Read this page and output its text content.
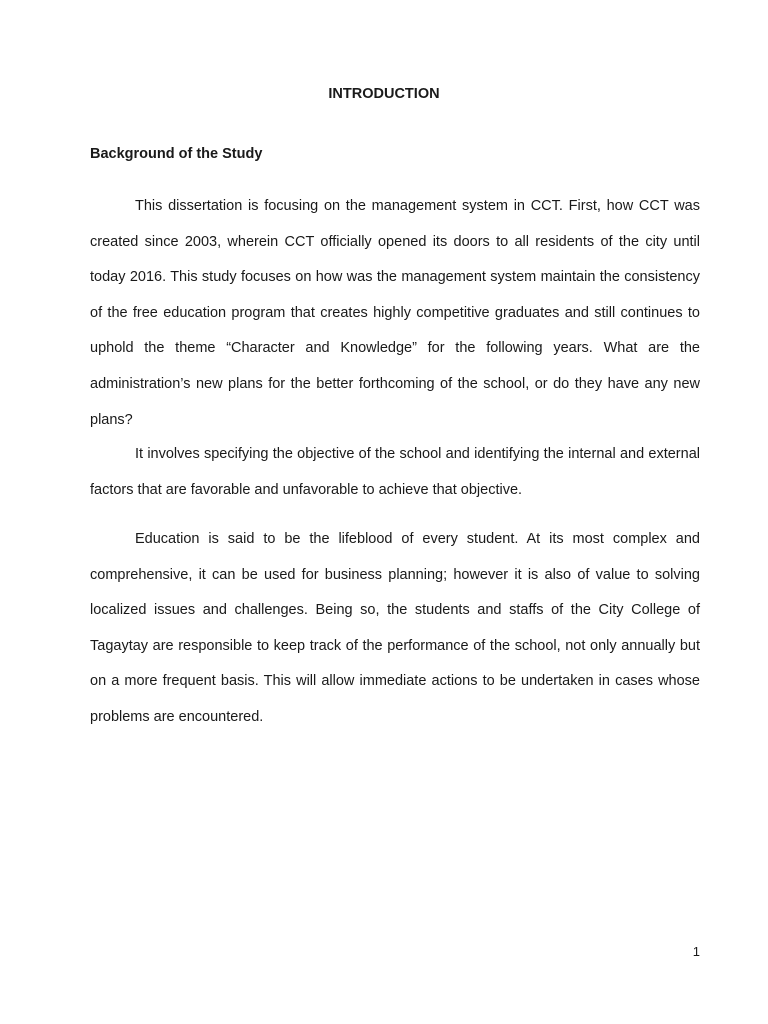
INTRODUCTION
Background of the Study

This dissertation is focusing on the management system in CCT. First, how CCT was created since 2003, wherein CCT officially opened its doors to all residents of the city until today 2016. This study focuses on how was the management system maintain the consistency of the free education program that creates highly competitive graduates and still continues to uphold the theme “Character and Knowledge” for the following years. What are the administration’s new plans for the better forthcoming of the school, or do they have any new plans?

It involves specifying the objective of the school and identifying the internal and external factors that are favorable and unfavorable to achieve that objective.

Education is said to be the lifeblood of every student. At its most complex and comprehensive, it can be used for business planning; however it is also of value to solving localized issues and challenges. Being so, the students and staffs of the City College of Tagaytay are responsible to keep track of the performance of the school, not only annually but on a more frequent basis. This will allow immediate actions to be undertaken in cases whose problems are encountered.

1
